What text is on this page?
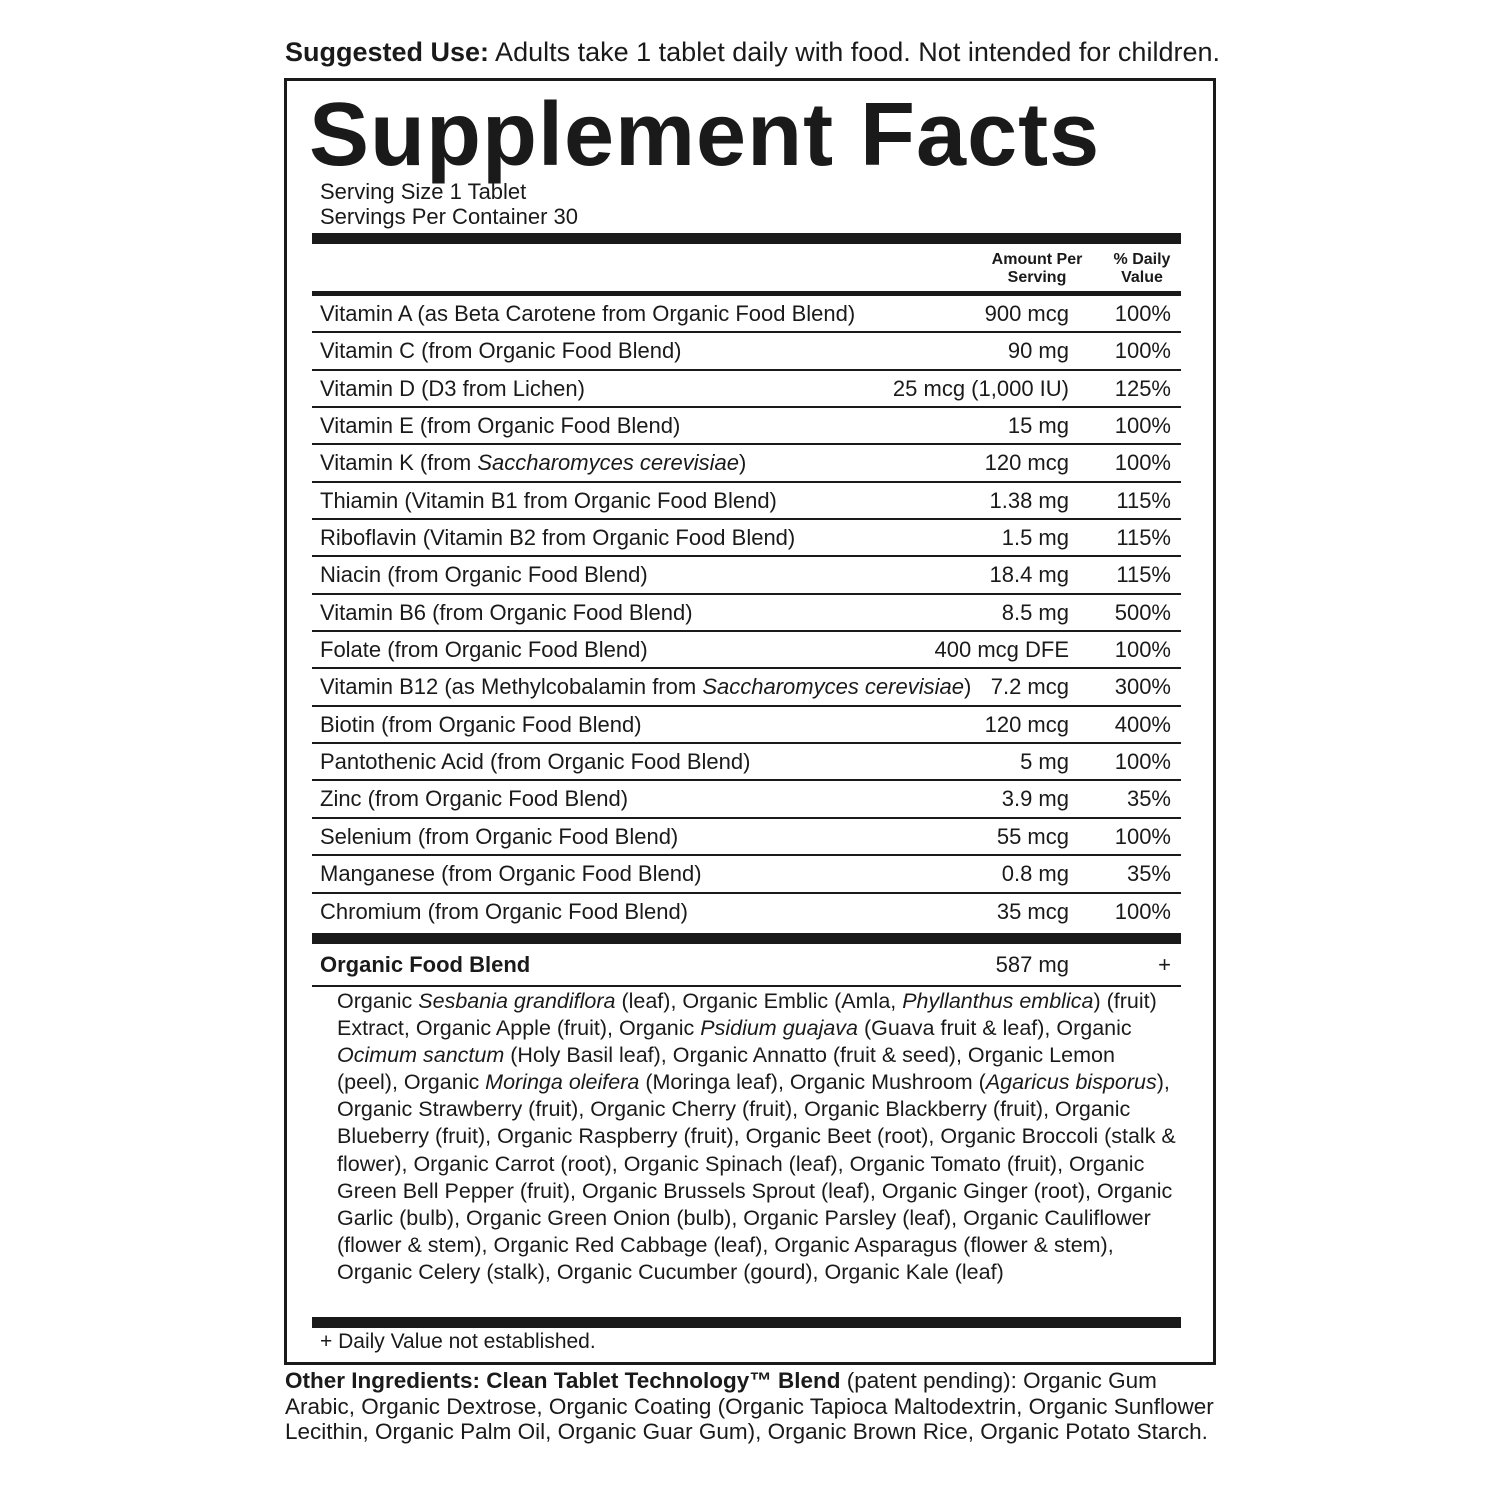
Suggested Use: Adults take 1 tablet daily with food. Not intended for children.
Supplement Facts
Serving Size 1 Tablet
Servings Per Container 30
Amount Per Serving
% Daily Value
Vitamin A (as Beta Carotene from Organic Food Blend)	900 mcg 100%
Vitamin C (from Organic Food Blend)	90 mg 100%
Vitamin D (D3 from Lichen)	25 mcg (1,000 IU) 125%
Vitamin E (from Organic Food Blend)	15 mg 100%
Vitamin K (from Saccharomyces cerevisiae)	120 mcg 100%
Thiamin (Vitamin B1 from Organic Food Blend)	1.38 mg 115%
Riboflavin (Vitamin B2 from Organic Food Blend)	1.5 mg 115%
Niacin (from Organic Food Blend)	18.4 mg 115%
Vitamin B6 (from Organic Food Blend)	8.5 mg 500%
Folate (from Organic Food Blend)	400 mcg DFE 100%
Vitamin B12 (as Methylcobalamin from Saccharomyces cerevisiae) 7.2 mcg 300%
Biotin (from Organic Food Blend)	120 mcg 400%
Pantothenic Acid (from Organic Food Blend)	5 mg 100%
Zinc (from Organic Food Blend)	3.9 mg	35%
Selenium (from Organic Food Blend)	55 mcg 100%
Manganese (from Organic Food Blend)	0.8 mg	35%
Chromium (from Organic Food Blend)	35 mcg 100%
Organic Food Blend	587 mg	+
Organic Sesbania grandiflora (leaf), Organic Emblic (Amla, Phyllanthus emblica) (fruit) Extract, Organic Apple (fruit), Organic Psidium guajava (Guava fruit & leaf), Organic Ocimum sanctum (Holy Basil leaf), Organic Annatto (fruit & seed), Organic Lemon (peel), Organic Moringa oleifera (Moringa leaf), Organic Mushroom (Agaricus bisporus), Organic Strawberry (fruit), Organic Cherry (fruit), Organic Blackberry (fruit), Organic Blueberry (fruit), Organic Raspberry (fruit), Organic Beet (root), Organic Broccoli (stalk & flower), Organic Carrot (root), Organic Spinach (leaf), Organic Tomato (fruit), Organic Green Bell Pepper (fruit), Organic Brussels Sprout (leaf), Organic Ginger (root), Organic Garlic (bulb), Organic Green Onion (bulb), Organic Parsley (leaf), Organic Cauliflower (flower & stem), Organic Red Cabbage (leaf), Organic Asparagus (flower & stem), Organic Celery (stalk), Organic Cucumber (gourd), Organic Kale (leaf)
+ Daily Value not established.
Other Ingredients: Clean Tablet Technology™ Blend (patent pending): Organic Gum Arabic, Organic Dextrose, Organic Coating (Organic Tapioca Maltodextrin, Organic Sunflower Lecithin, Organic Palm Oil, Organic Guar Gum), Organic Brown Rice, Organic Potato Starch.
